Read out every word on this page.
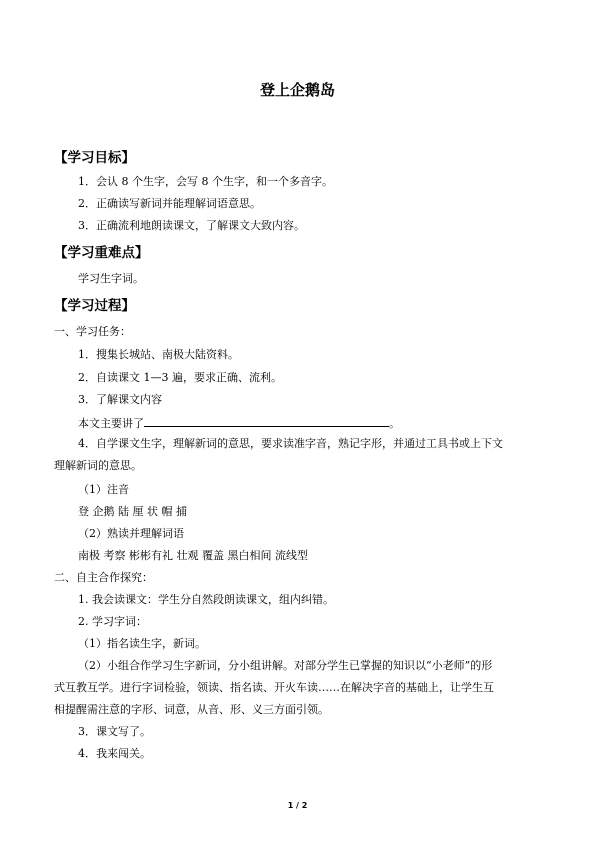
登上企鹅岛
【学习目标】
1．会认 8 个生字，会写 8 个生字，和一个多音字。
2．正确读写新词并能理解词语意思。
3．正确流利地朗读课文，了解课文大致内容。
【学习重难点】
学习生字词。
【学习过程】
一、学习任务：
1．搜集长城站、南极大陆资料。
2．自读课文 1—3 遍，要求正确、流利。
3．了解课文内容
本文主要讲了	。
4．自学课文生字，理解新词的意思，要求读准字音，熟记字形，并通过工具书或上下文
理解新词的意思。
（1）注音
登 企鹅 陆 厘 状 帽 捕
（2）熟读并理解词语
南极 考察 彬彬有礼 壮观 覆盖 黑白相间 流线型
二、自主合作探究：
1. 我会读课文：学生分自然段朗读课文，组内纠错。
2. 学习字词：
（1）指名读生字，新词。
（2）小组合作学习生字新词，分小组讲解。对部分学生已掌握的知识以“小老师”的形
式互教互学。进行字词检验，领读、指名读、开火车读……在解决字音的基础上，让学生互
相提醒需注意的字形、词意，从音、形、义三方面引领。
3．课文写了。
4．我来闯关。
1 / 2
